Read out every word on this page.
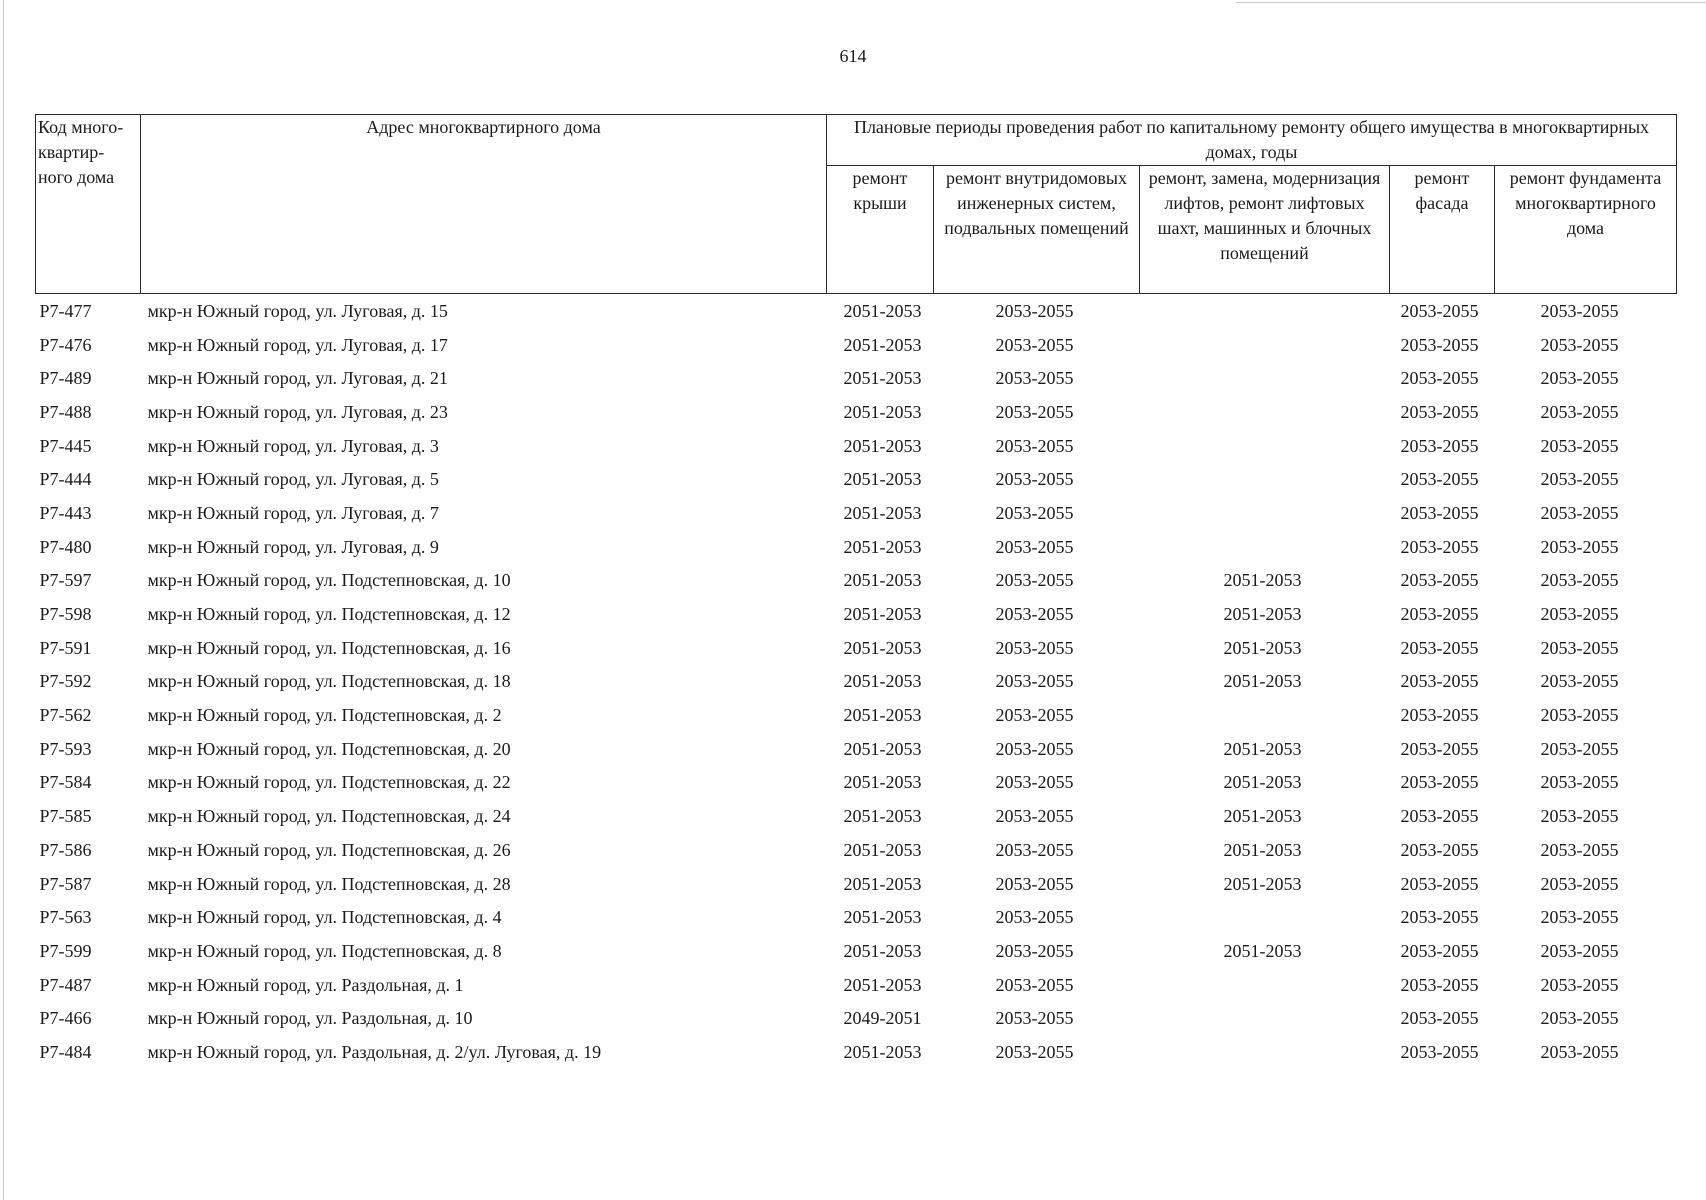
614
Код много-квартир-ного дома	Адрес многоквартирного дома	Плановые периоды проведения работ по капитальному ремонту общего имущества в многоквартирных домах, годы				
		ремонт крыши	ремонт внутридомовых инженерных систем, подвальных помещений	ремонт, замена, модернизация лифтов, ремонт лифтовых шахт, машинных и блочных помещений	ремонт фасада	ремонт фундамента многоквартирного дома
Р7-477	мкр-н Южный город, ул. Луговая, д. 15	2051-2053	2053-2055		2053-2055	2053-2055
Р7-476	мкр-н Южный город, ул. Луговая, д. 17	2051-2053	2053-2055		2053-2055	2053-2055
Р7-489	мкр-н Южный город, ул. Луговая, д. 21	2051-2053	2053-2055		2053-2055	2053-2055
Р7-488	мкр-н Южный город, ул. Луговая, д. 23	2051-2053	2053-2055		2053-2055	2053-2055
Р7-445	мкр-н Южный город, ул. Луговая, д. 3	2051-2053	2053-2055		2053-2055	2053-2055
Р7-444	мкр-н Южный город, ул. Луговая, д. 5	2051-2053	2053-2055		2053-2055	2053-2055
Р7-443	мкр-н Южный город, ул. Луговая, д. 7	2051-2053	2053-2055		2053-2055	2053-2055
Р7-480	мкр-н Южный город, ул. Луговая, д. 9	2051-2053	2053-2055		2053-2055	2053-2055
Р7-597	мкр-н Южный город, ул. Подстепновская, д. 10	2051-2053	2053-2055	2051-2053	2053-2055	2053-2055
Р7-598	мкр-н Южный город, ул. Подстепновская, д. 12	2051-2053	2053-2055	2051-2053	2053-2055	2053-2055
Р7-591	мкр-н Южный город, ул. Подстепновская, д. 16	2051-2053	2053-2055	2051-2053	2053-2055	2053-2055
Р7-592	мкр-н Южный город, ул. Подстепновская, д. 18	2051-2053	2053-2055	2051-2053	2053-2055	2053-2055
Р7-562	мкр-н Южный город, ул. Подстепновская, д. 2	2051-2053	2053-2055		2053-2055	2053-2055
Р7-593	мкр-н Южный город, ул. Подстепновская, д. 20	2051-2053	2053-2055	2051-2053	2053-2055	2053-2055
Р7-584	мкр-н Южный город, ул. Подстепновская, д. 22	2051-2053	2053-2055	2051-2053	2053-2055	2053-2055
Р7-585	мкр-н Южный город, ул. Подстепновская, д. 24	2051-2053	2053-2055	2051-2053	2053-2055	2053-2055
Р7-586	мкр-н Южный город, ул. Подстепновская, д. 26	2051-2053	2053-2055	2051-2053	2053-2055	2053-2055
Р7-587	мкр-н Южный город, ул. Подстепновская, д. 28	2051-2053	2053-2055	2051-2053	2053-2055	2053-2055
Р7-563	мкр-н Южный город, ул. Подстепновская, д. 4	2051-2053	2053-2055		2053-2055	2053-2055
Р7-599	мкр-н Южный город, ул. Подстепновская, д. 8	2051-2053	2053-2055	2051-2053	2053-2055	2053-2055
Р7-487	мкр-н Южный город, ул. Раздольная, д. 1	2051-2053	2053-2055		2053-2055	2053-2055
Р7-466	мкр-н Южный город, ул. Раздольная, д. 10	2049-2051	2053-2055		2053-2055	2053-2055
Р7-484	мкр-н Южный город, ул. Раздольная, д. 2/ул. Луговая, д. 19	2051-2053	2053-2055		2053-2055	2053-2055
